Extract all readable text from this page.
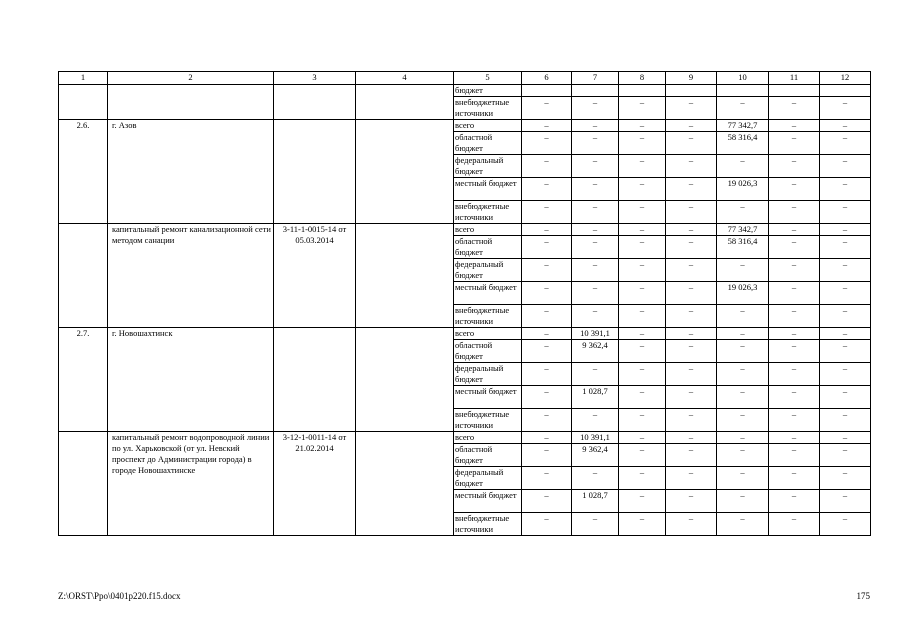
1	2	3	4	5	6	7	8	9	10	11	12
				бюджет							
				внебюджетные источники	–	–	–	–	–	–	–
2.6.	г. Азов			всего	–	–	–	–	77 342,7	–	–
				областной бюджет	–	–	–	–	58 316,4	–	–
				федеральный бюджет	–	–	–	–	–	–	–
				местный бюджет	–	–	–	–	19 026,3	–	–
				внебюджетные источники	–	–	–	–	–	–	–
	капитальный ремонт канализационной сети методом санации	3-11-1-0015-14 от 05.03.2014		всего	–	–	–	–	77 342,7	–	–
				областной бюджет	–	–	–	–	58 316,4	–	–
				федеральный бюджет	–	–	–	–	–	–	–
				местный бюджет	–	–	–	–	19 026,3	–	–
				внебюджетные источники	–	–	–	–	–	–	–
2.7.	г. Новошахтинск			всего	–	10 391,1	–	–	–	–	–
				областной бюджет	–	9 362,4	–	–	–	–	–
				федеральный бюджет	–	–	–	–	–	–	–
				местный бюджет	–	1 028,7	–	–	–	–	–
				внебюджетные источники	–	–	–	–	–	–	–
	капитальный ремонт водопроводной линии по ул. Харьковской (от ул. Невский проспект до Администрации города) в городе Новошахтинске	3-12-1-0011-14 от 21.02.2014		всего	–	10 391,1	–	–	–	–	–
				областной бюджет	–	9 362,4	–	–	–	–	–
				федеральный бюджет	–	–	–	–	–	–	–
				местный бюджет	–	1 028,7	–	–	–	–	–
				внебюджетные источники	–	–	–	–	–	–	–
Z:\ORST\Ppo\0401p220.f15.docx	175
